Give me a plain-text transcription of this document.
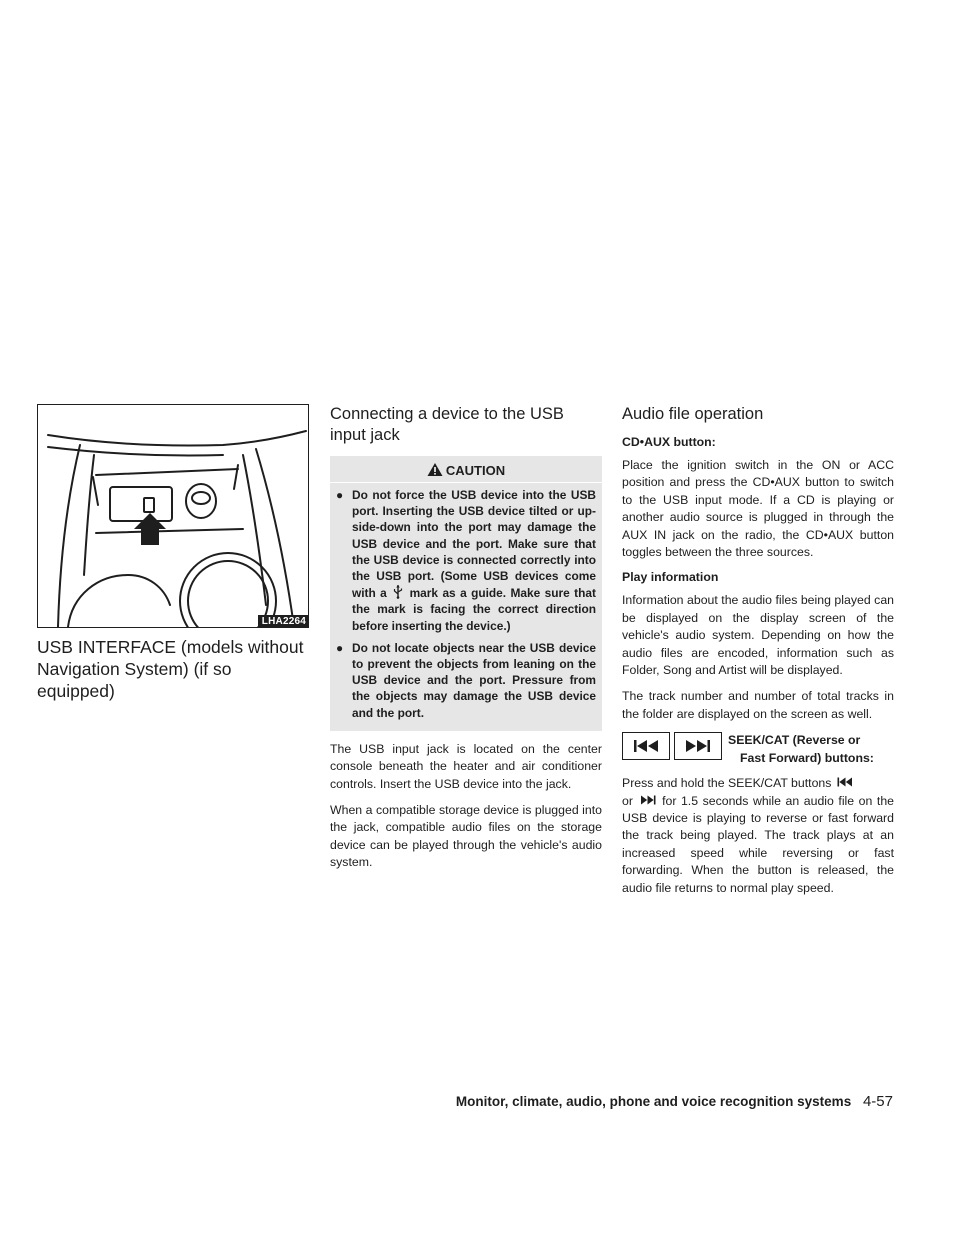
LHA2264
USB INTERFACE (models without Navigation System) (if so equipped)
Connecting a device to the USB input jack
CAUTION
● Do not force the USB device into the USB port. Inserting the USB device tilted or up-side-down into the port may damage the USB device and the port. Make sure that the USB device is connected correctly into the USB port. (Some USB devices come with a mark as a guide. Make sure that the mark is facing the correct direction before inserting the device.)
● Do not locate objects near the USB device to prevent the objects from leaning on the USB device and the port. Pressure from the objects may damage the USB device and the port.

The USB input jack is located on the center console beneath the heater and air conditioner controls. Insert the USB device into the jack.

When a compatible storage device is plugged into the jack, compatible audio files on the storage device can be played through the vehicle's audio system.

Audio file operation
CD•AUX button:

Place the ignition switch in the ON or ACC position and press the CD•AUX button to switch to the USB input mode. If a CD is playing or another audio source is plugged in through the AUX IN jack on the radio, the CD•AUX button toggles between the three sources.

Play information

Information about the audio files being played can be displayed on the display screen of the vehicle's audio system. Depending on how the audio files are encoded, information such as Folder, Song and Artist will be displayed.

The track number and number of total tracks in the folder are displayed on the screen as well.

SEEK/CAT (Reverse or
Fast Forward) buttons:

Press and hold the SEEK/CAT buttons
or for 1.5 seconds while an audio file on the USB device is playing to reverse or fast forward the track being played. The track plays at an increased speed while reversing or fast forwarding. When the button is released, the audio file returns to normal play speed.

Monitor, climate, audio, phone and voice recognition systems 4-57
